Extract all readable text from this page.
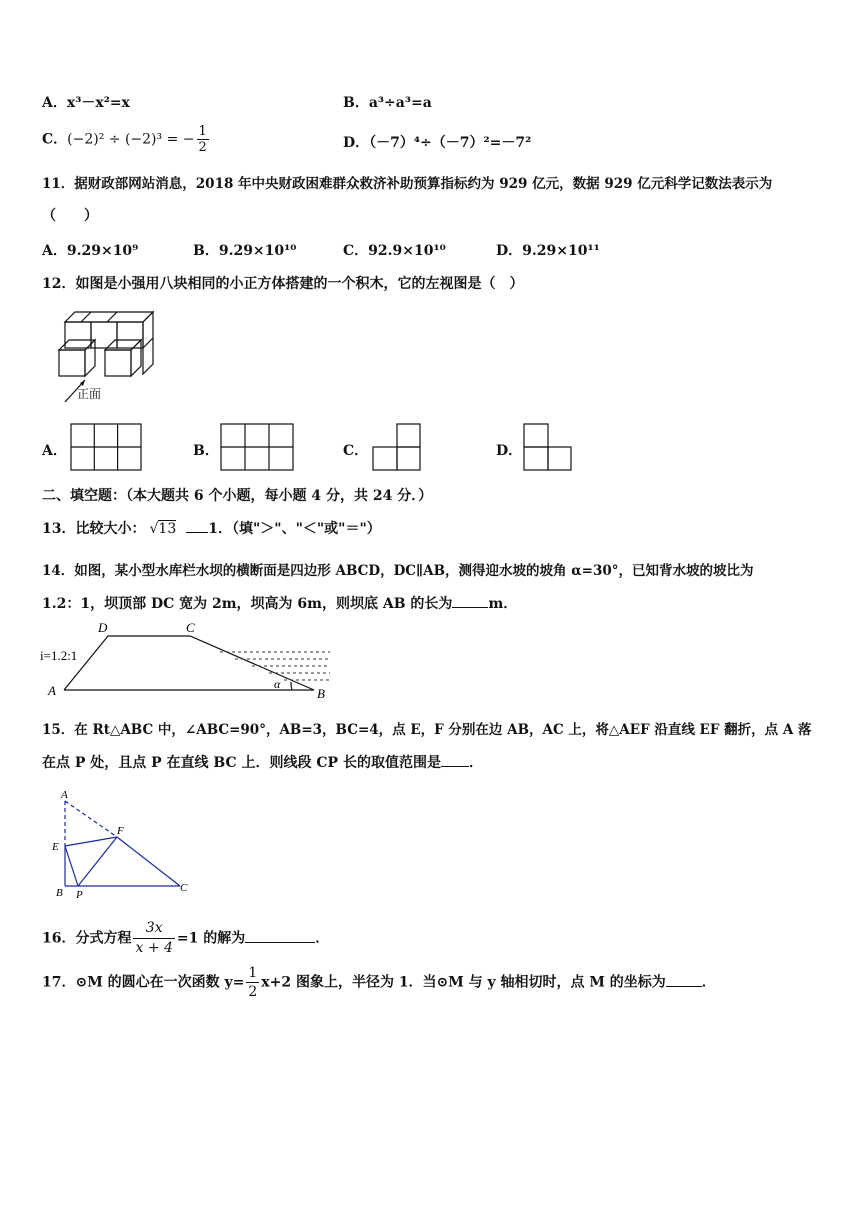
A．x³－x²=x	B．a³÷a³=a
C．(−2)² ÷ (−2)³ = − $\frac{1}{2}$	D．（－7）⁴÷（－7）²=－7²
11．据财政部网站消息，2018 年中央财政困难群众救济补助预算指标约为 929 亿元，数据 929 亿元科学记数法表示为
（　　）
A．9.29×10⁹	B．9.29×10¹⁰	C．92.9×10¹⁰	D．9.29×10¹¹
12．如图是小强用八块相同的小正方体搭建的一个积木，它的左视图是（　）
正面
A．	B．	C．	D．
二、填空题：（本大题共 6 个小题，每小题 4 分，共 24 分．）
13．比较大小： √13 1．（填"＞"、"＜"或"＝"）
14．如图，某小型水库栏水坝的横断面是四边形 ABCD，DC∥AB，测得迎水坡的坡角 α=30°，已知背水坡的坡比为
1.2：1，坝顶部 DC 宽为 2m，坝高为 6m，则坝底 AB 的长为	m．
D	C
A	B
i=1.2:1
α
15．在 Rt△ABC 中，∠ABC=90°，AB=3，BC=4，点 E，F 分别在边 AB，AC 上，将△AEF 沿直线 EF 翻折，点 A 落
在点 P 处，且点 P 在直线 BC 上．则线段 CP 长的取值范围是 ．
A
E
F
B P
C
16．分式方程 $\frac{3x}{x + 4} =1$ 的解为	．
17．⊙M 的圆心在一次函数 $y= \frac{1}{2} x+2$ 图象上，半径为 1．当⊙M 与 y 轴相切时，点 M 的坐标为	．
